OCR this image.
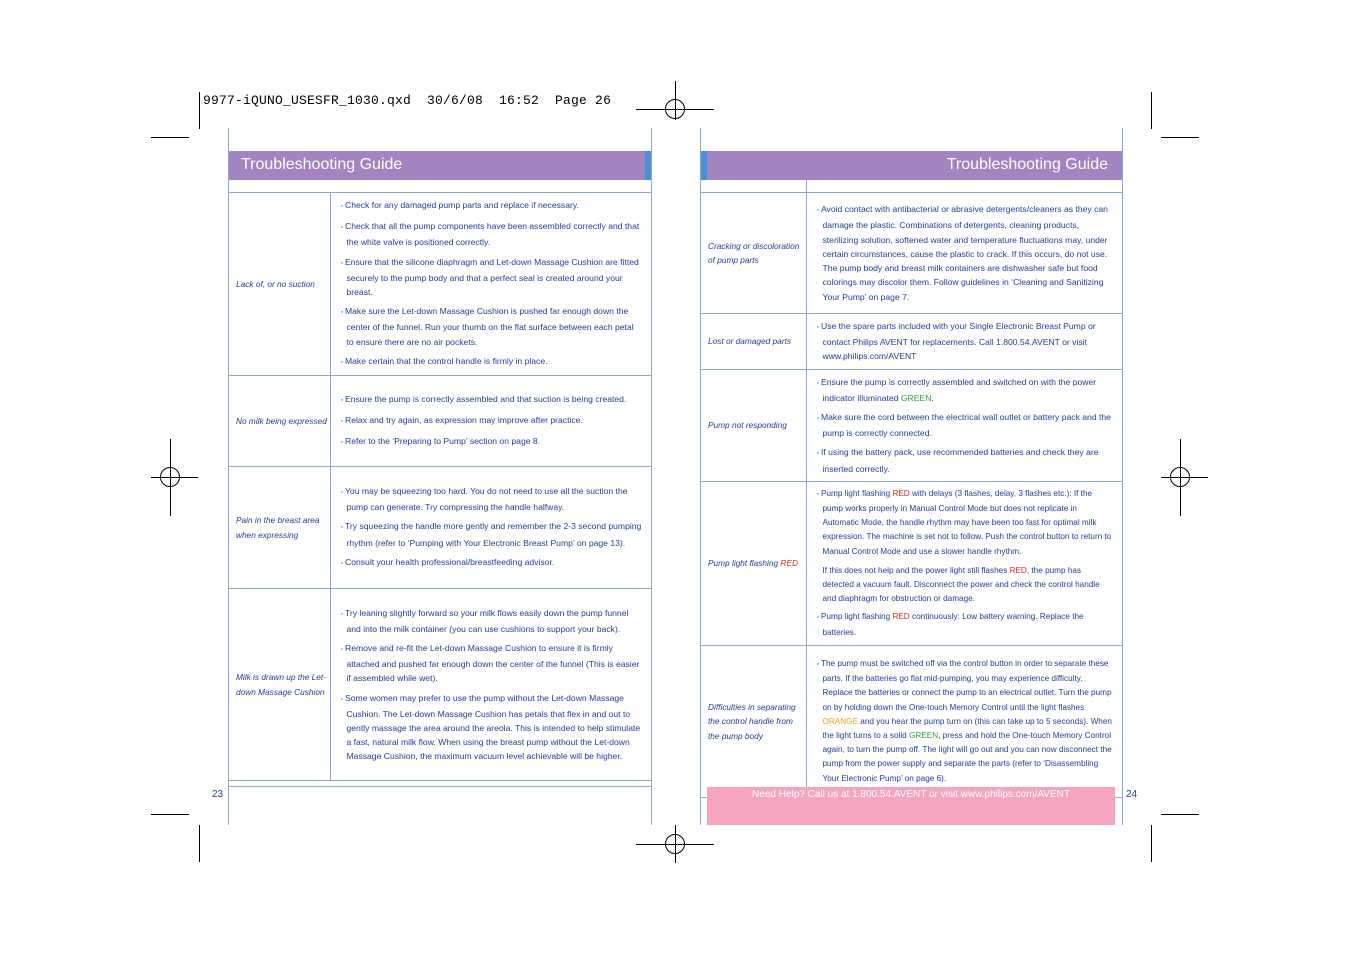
9977-iQUNO_USESFR_1030.qxd  30/6/08  16:52  Page 26
Troubleshooting Guide
Lack of, or no suction	◦ Check for any damaged pump parts and replace if necessary.

◦ Check that all the pump components have been assembled correctly and that the white valve is positioned correctly.

◦ Ensure that the silicone diaphragm and Let-down Massage Cushion are fitted securely to the pump body and that a perfect seal is created around your breast.

◦ Make sure the Let-down Massage Cushion is pushed far enough down the center of the funnel. Run your thumb on the flat surface between each petal to ensure there are no air pockets.

◦ Make certain that the control handle is firmly in place.

No milk being expressed	◦ Ensure the pump is correctly assembled and that suction is being created.

◦ Relax and try again, as expression may improve after practice.

◦ Refer to the ‘Preparing to Pump’ section on page 8.

Pain in the breast area when expressing	◦ You may be squeezing too hard. You do not need to use all the suction the pump can generate. Try compressing the handle halfway.

◦ Try squeezing the handle more gently and remember the 2-3 second pumping rhythm (refer to ‘Pumping with Your Electronic Breast Pump’ on page 13).

◦ Consult your health professional/breastfeeding advisor.

Milk is drawn up the Let-down Massage Cushion	◦ Try leaning slightly forward so your milk flows easily down the pump funnel and into the milk container (you can use cushions to support your back).

◦ Remove and re-fit the Let-down Massage Cushion to ensure it is firmly attached and pushed far enough down the center of the funnel (This is easier if assembled while wet).

◦ Some women may prefer to use the pump without the Let-down Massage Cushion. The Let-down Massage Cushion has petals that flex in and out to gently massage the area around the areola. This is intended to help stimulate a fast, natural milk flow. When using the breast pump without the Let-down Massage Cushion, the maximum vacuum level achievable will be higher.

23
Troubleshooting Guide
Cracking or discoloration of pump parts	◦ Avoid contact with antibacterial or abrasive detergents/cleaners as they can damage the plastic. Combinations of detergents, cleaning products, sterilizing solution, softened water and temperature fluctuations may, under certain circumstances, cause the plastic to crack. If this occurs, do not use. The pump body and breast milk containers are dishwasher safe but food colorings may discolor them. Follow guidelines in ‘Cleaning and Sanitizing Your Pump’ on page 7.

Lost or damaged parts	◦ Use the spare parts included with your Single Electronic Breast Pump or contact Philips AVENT for replacements. Call 1.800.54.AVENT or visit www.philips.com/AVENT

Pump not responding	◦ Ensure the pump is correctly assembled and switched on with the power indicator illuminated GREEN.

◦ Make sure the cord between the electrical wall outlet or battery pack and the pump is correctly connected.

◦ If using the battery pack, use recommended batteries and check they are inserted correctly.

Pump light flashing RED	◦ Pump light flashing RED with delays (3 flashes, delay, 3 flashes etc.): If the pump works properly in Manual Control Mode but does not replicate in Automatic Mode, the handle rhythm may have been too fast for optimal milk expression. The machine is set not to follow. Push the control button to return to Manual Control Mode and use a slower handle rhythm.

If this does not help and the power light still flashes RED, the pump has detected a vacuum fault. Disconnect the power and check the control handle and diaphragm for obstruction or damage.

◦ Pump light flashing RED continuously: Low battery warning. Replace the batteries.

Difficulties in separating the control handle from the pump body	◦ The pump must be switched off via the control button in order to separate these parts. If the batteries go flat mid-pumping, you may experience difficulty. Replace the batteries or connect the pump to an electrical outlet. Turn the pump on by holding down the One-touch Memory Control until the light flashes ORANGE and you hear the pump turn on (this can take up to 5 seconds). When the light turns to a solid GREEN, press and hold the One-touch Memory Control again, to turn the pump off. The light will go out and you can now disconnect the pump from the power supply and separate the parts (refer to ‘Disassembling Your Electronic Pump’ on page 6).

Need Help? Call us at 1.800.54.AVENT or visit www.philips.com/AVENT	24
